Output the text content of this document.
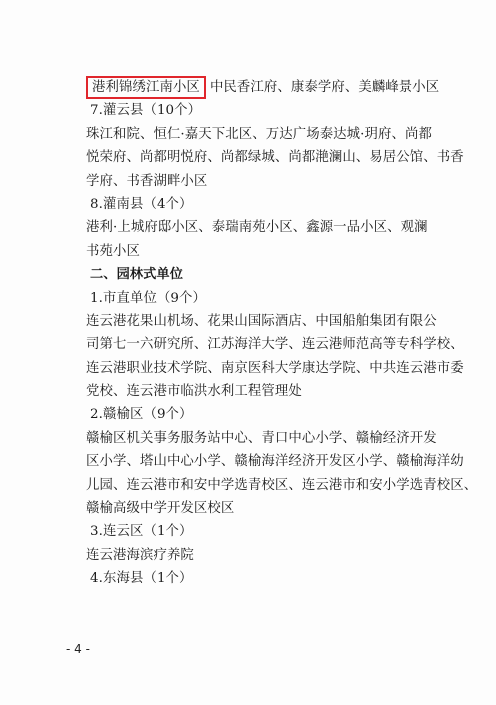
港利锦绣江南小区 中民香江府、康泰学府、美麟峰景小区
7.灌云县（10个）
珠江和院、恒仁·嘉天下北区、万达广场泰达城·玥府、尚都
悦荣府、尚都明悦府、尚都绿城、尚都滟澜山、易居公馆、书香
学府、书香湖畔小区
8.灌南县（4个）
港利·上城府邸小区、泰瑞南苑小区、鑫源一品小区、观澜
书苑小区
二、园林式单位
1.市直单位（9个）
连云港花果山机场、花果山国际酒店、中国船舶集团有限公
司第七一六研究所、江苏海洋大学、连云港师范高等专科学校、
连云港职业技术学院、南京医科大学康达学院、中共连云港市委
党校、连云港市临洪水利工程管理处
2.赣榆区（9个）
赣榆区机关事务服务站中心、青口中心小学、赣榆经济开发
区小学、塔山中心小学、赣榆海洋经济开发区小学、赣榆海洋幼
儿园、连云港市和安中学选青校区、连云港市和安小学选青校区、
赣榆高级中学开发区校区
3.连云区（1个）
连云港海滨疗养院
4.东海县（1个）
- 4 -
